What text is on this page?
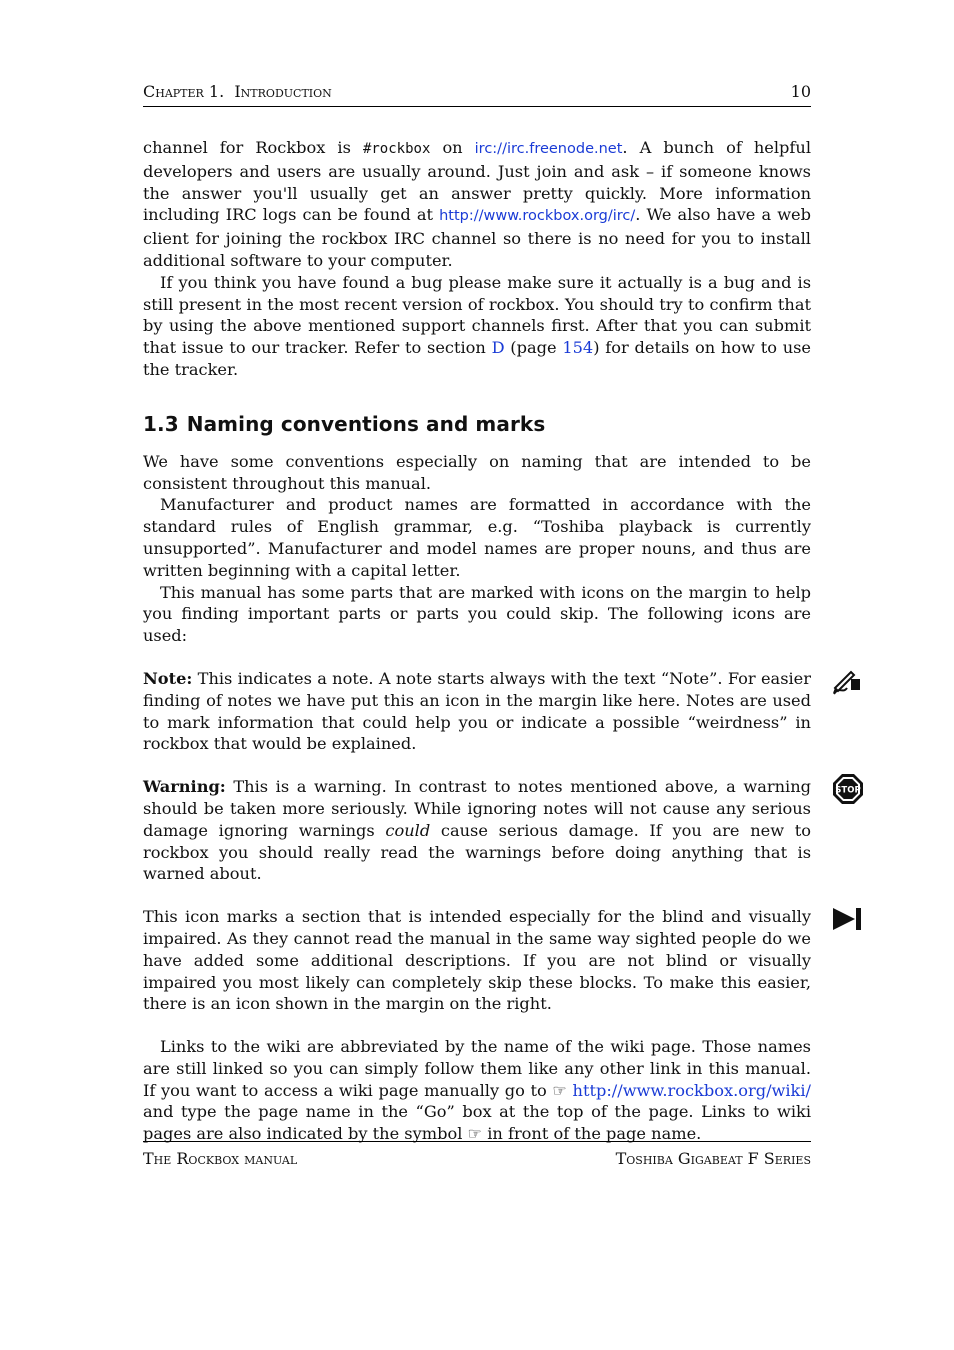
Chapter 1. Introduction	10

channel for Rockbox is #rockbox on irc://irc.freenode.net. A bunch of helpful developers and users are usually around. Just join and ask – if someone knows the answer you'll usually get an answer pretty quickly. More information including IRC logs can be found at http://www.rockbox.org/irc/. We also have a web client for joining the rockbox IRC channel so there is no need for you to install additional software to your computer.

If you think you have found a bug please make sure it actually is a bug and is still present in the most recent version of rockbox. You should try to confirm that by using the above mentioned support channels first. After that you can submit that issue to our tracker. Refer to section D (page 154) for details on how to use the tracker.

1.3 Naming conventions and marks

We have some conventions especially on naming that are intended to be consistent throughout this manual.

Manufacturer and product names are formatted in accordance with the standard rules of English grammar, e.g. “Toshiba playback is currently unsupported”. Manufacturer and model names are proper nouns, and thus are written beginning with a capital letter.

This manual has some parts that are marked with icons on the margin to help you finding important parts or parts you could skip. The following icons are used:

Note: This indicates a note. A note starts always with the text “Note”. For easier finding of notes we have put this an icon in the margin like here. Notes are used to mark information that could help you or indicate a possible “weirdness” in rockbox that would be explained.

Warning: This is a warning. In contrast to notes mentioned above, a warning should be taken more seriously. While ignoring notes will not cause any serious damage ignoring warnings could cause serious damage. If you are new to rockbox you should really read the warnings before doing anything that is warned about.

STOP

This icon marks a section that is intended especially for the blind and visually impaired. As they cannot read the manual in the same way sighted people do we have added some additional descriptions. If you are not blind or visually impaired you most likely can completely skip these blocks. To make this easier, there is an icon shown in the margin on the right.

Links to the wiki are abbreviated by the name of the wiki page. Those names are still linked so you can simply follow them like any other link in this manual. If you want to access a wiki page manually go to ☞ http://www.rockbox.org/wiki/ and type the page name in the “Go” box at the top of the page. Links to wiki pages are also indicated by the symbol ☞ in front of the page name.

The Rockbox manual	Toshiba Gigabeat F Series
